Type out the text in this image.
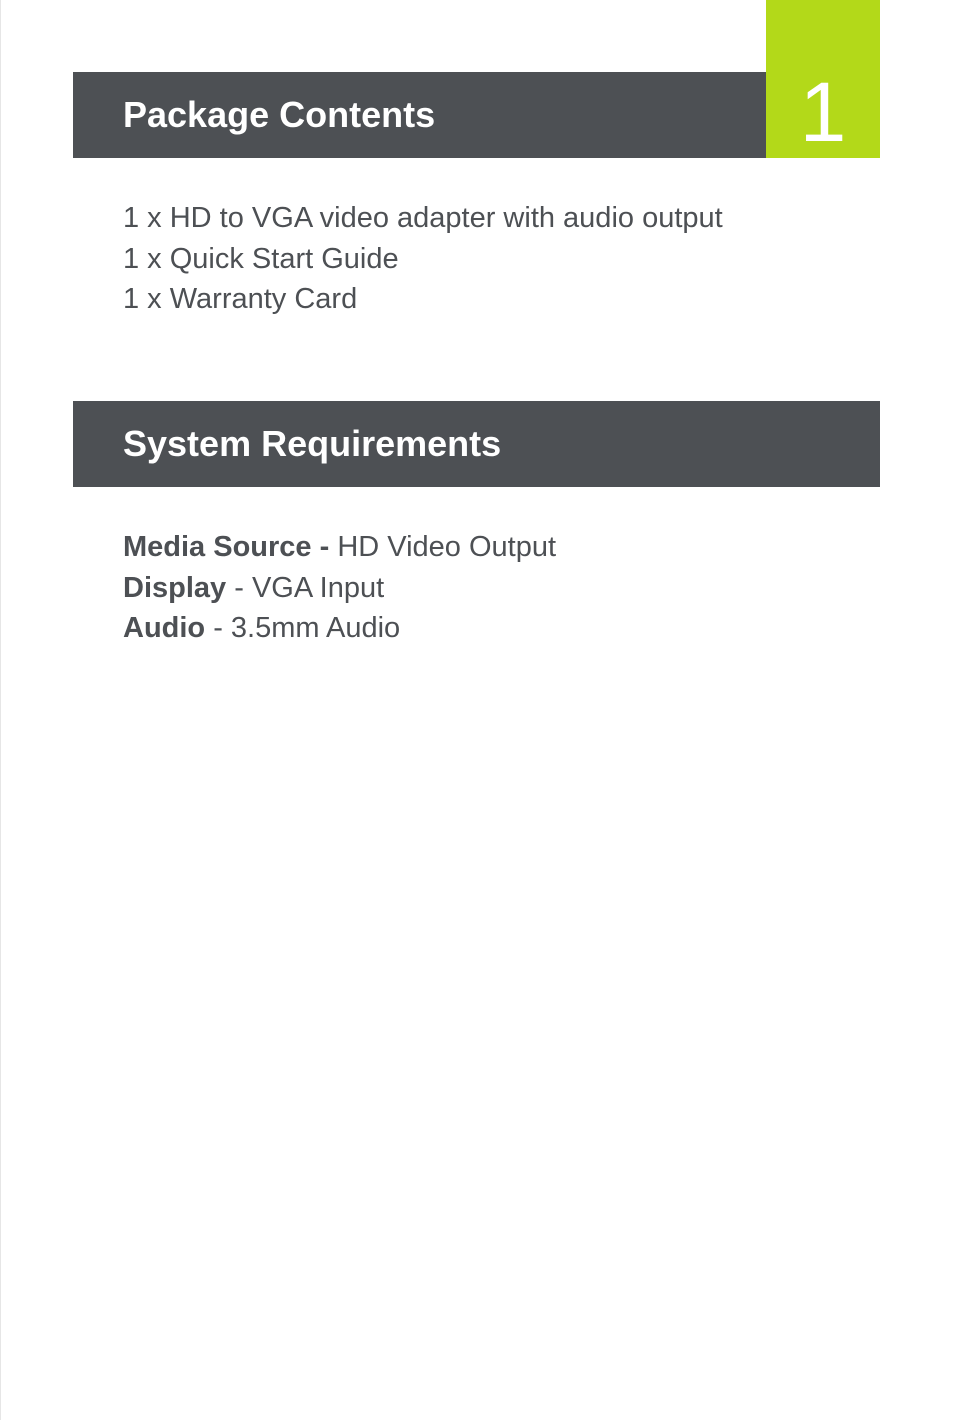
Package Contents	1
1 x HD to VGA video adapter with audio output
1 x Quick Start Guide
1 x Warranty Card
System Requirements
Media Source - HD Video Output
Display - VGA Input
Audio - 3.5mm Audio
